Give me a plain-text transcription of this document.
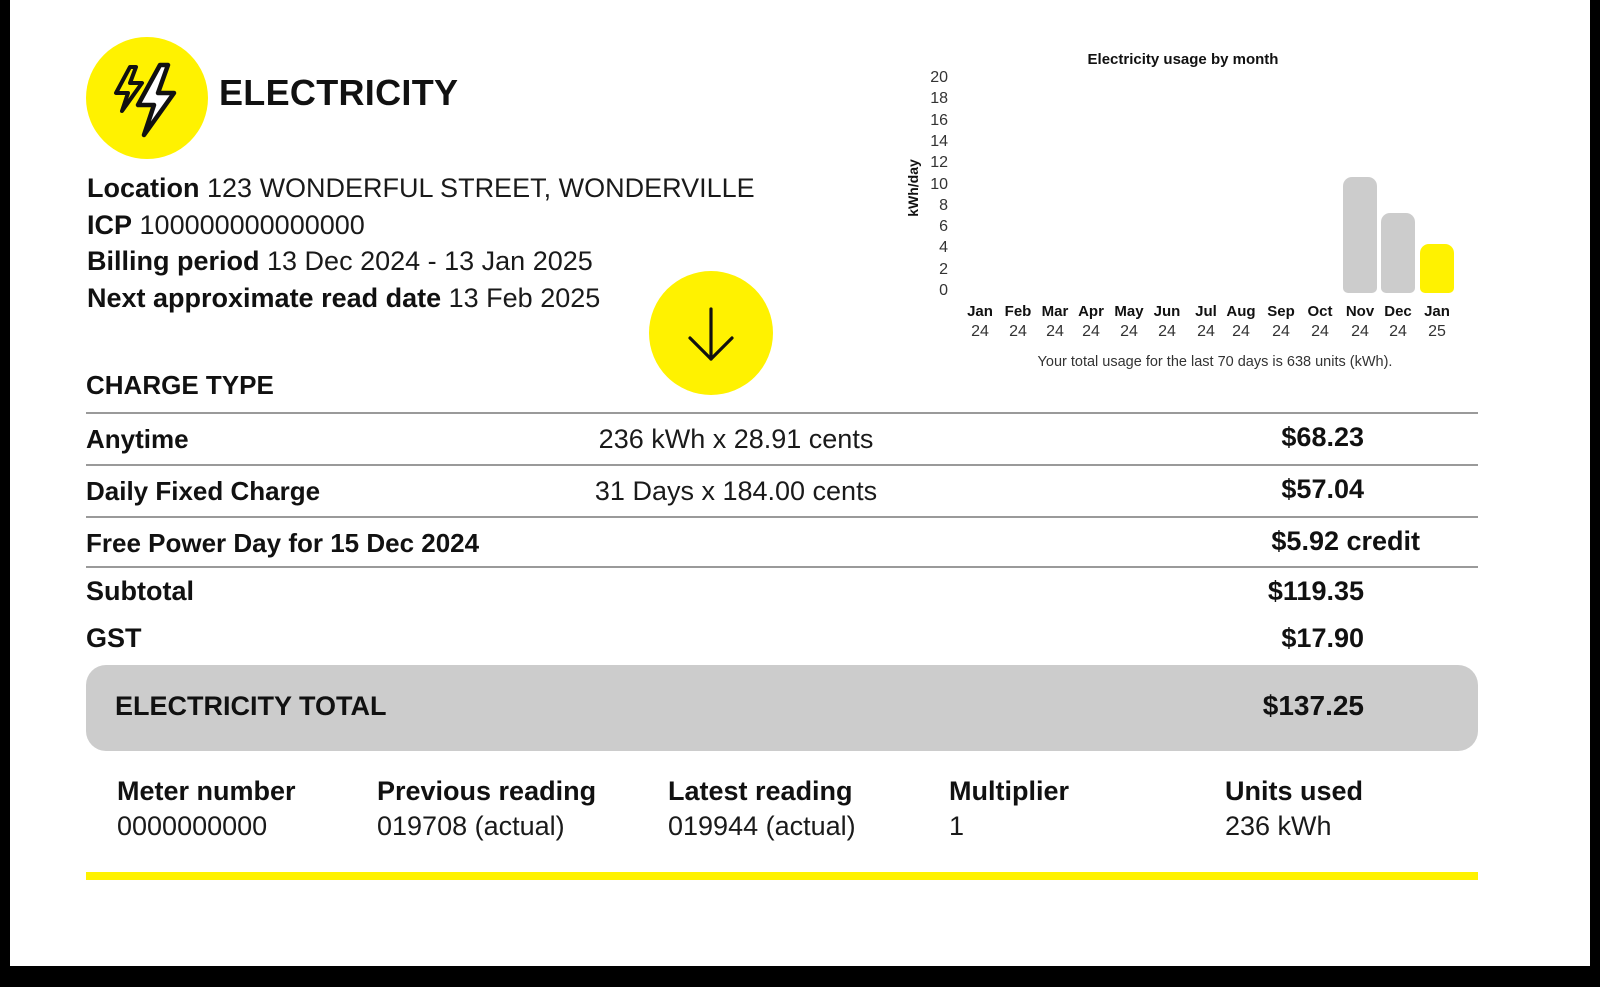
ELECTRICITY
Location 123 WONDERFUL STREET, WONDERVILLE
ICP 100000000000000
Billing period 13 Dec 2024 - 13 Jan 2025
Next approximate read date 13 Feb 2025
Electricity usage by month
kWh/day
0
2
4
6
8
10
12
14
16
18
20
Jan
24
Feb
24
Mar
24
Apr
24
May
24
Jun
24
Jul
24
Aug
24
Sep
24
Oct
24
Nov
24
Dec
24
Jan
25
Your total usage for the last 70 days is 638 units (kWh).
CHARGE TYPE
Anytime	236 kWh x 28.91 cents	$68.23
Daily Fixed Charge	31 Days x 184.00 cents	$57.04
Free Power Day for 15 Dec 2024	$5.92 credit
Subtotal	$119.35
GST	$17.90
ELECTRICITY TOTAL	$137.25
Meter number
0000000000
Previous reading
019708 (actual)
Latest reading
019944 (actual)
Multiplier
1
Units used
236 kWh
